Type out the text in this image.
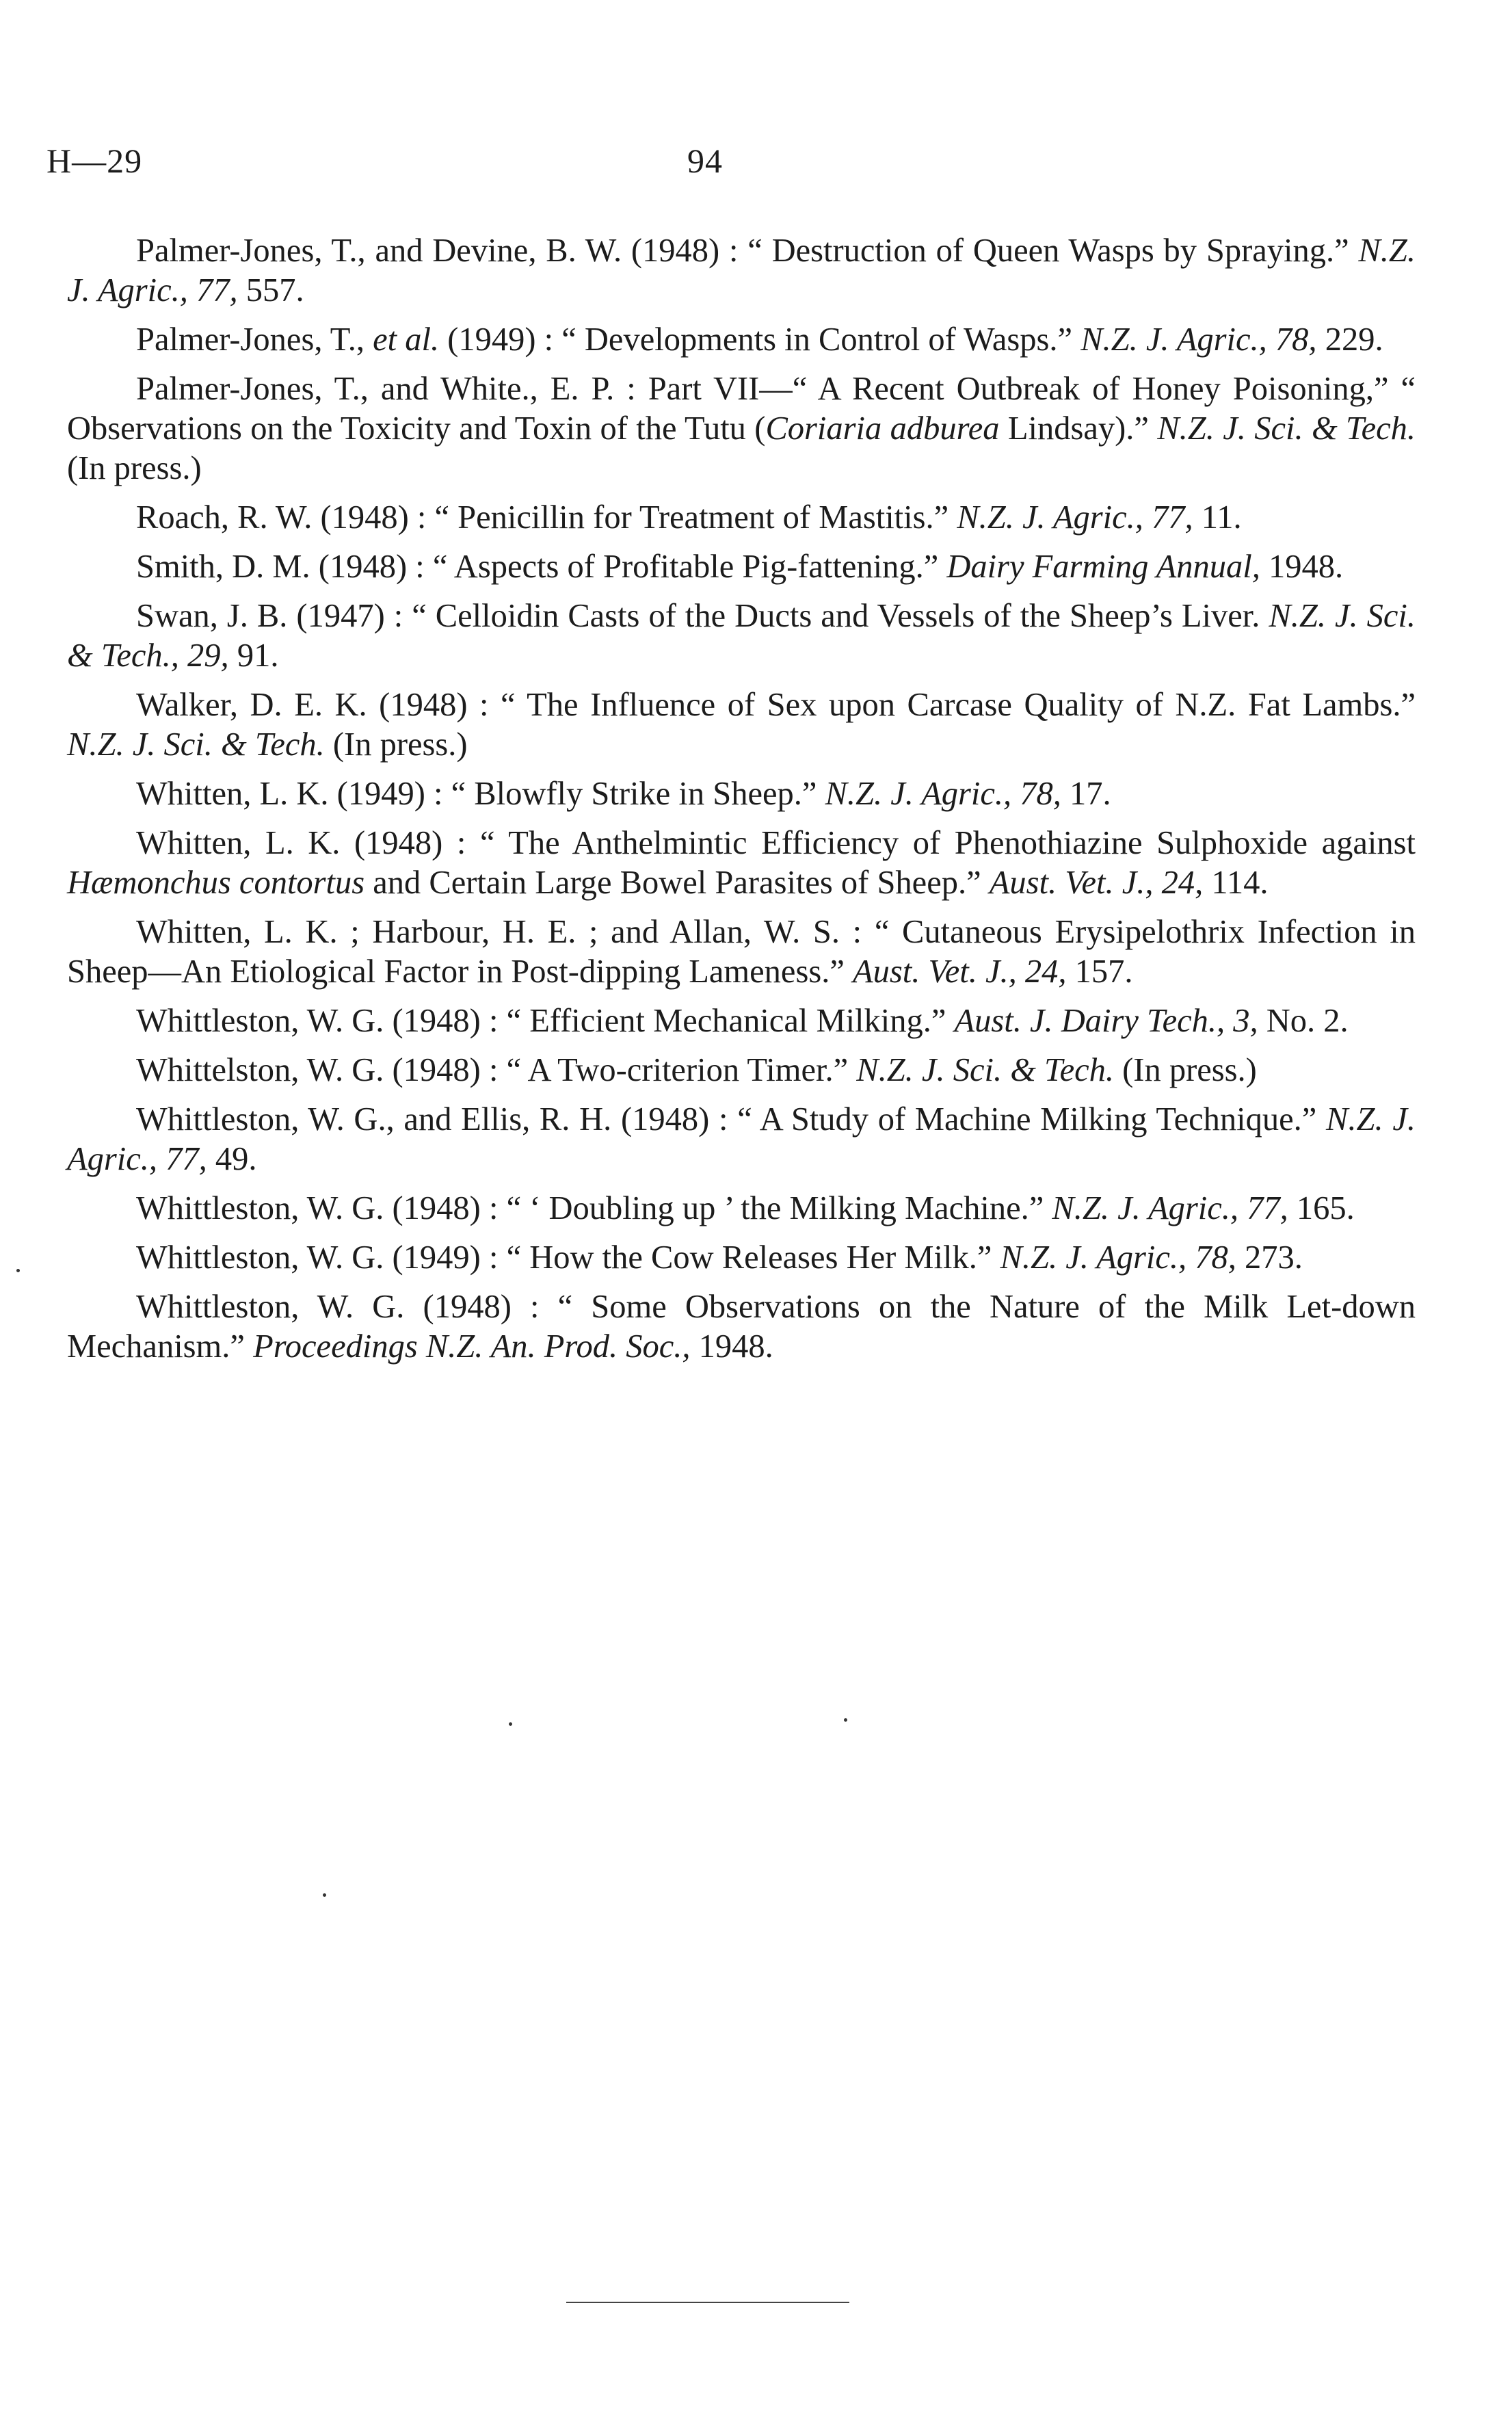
H—29	94

Palmer-Jones, T., and Devine, B. W. (1948) : “ Destruction of Queen Wasps by Spraying.” N.Z. J. Agric., 77, 557.

Palmer-Jones, T., et al. (1949) : “ Developments in Control of Wasps.” N.Z. J. Agric., 78, 229.

Palmer-Jones, T., and White., E. P. : Part VII—“ A Recent Outbreak of Honey Poisoning,” “ Observations on the Toxicity and Toxin of the Tutu (Coriaria adburea Lindsay).” N.Z. J. Sci. & Tech. (In press.)

Roach, R. W. (1948) : “ Penicillin for Treatment of Mastitis.” N.Z. J. Agric., 77, 11.

Smith, D. M. (1948) : “ Aspects of Profitable Pig-fattening.” Dairy Farming Annual, 1948.

Swan, J. B. (1947) : “ Celloidin Casts of the Ducts and Vessels of the Sheep’s Liver. N.Z. J. Sci. & Tech., 29, 91.

Walker, D. E. K. (1948) : “ The Influence of Sex upon Carcase Quality of N.Z. Fat Lambs.” N.Z. J. Sci. & Tech. (In press.)

Whitten, L. K. (1949) : “ Blowfly Strike in Sheep.” N.Z. J. Agric., 78, 17.

Whitten, L. K. (1948) : “ The Anthelmintic Efficiency of Phenothiazine Sulphoxide against Hæmonchus contortus and Certain Large Bowel Parasites of Sheep.” Aust. Vet. J., 24, 114.

Whitten, L. K. ; Harbour, H. E. ; and Allan, W. S. : “ Cutaneous Erysipelothrix Infection in Sheep—An Etiological Factor in Post-dipping Lameness.” Aust. Vet. J., 24, 157.

Whittleston, W. G. (1948) : “ Efficient Mechanical Milking.” Aust. J. Dairy Tech., 3, No. 2.

Whittelston, W. G. (1948) : “ A Two-criterion Timer.” N.Z. J. Sci. & Tech. (In press.)

Whittleston, W. G., and Ellis, R. H. (1948) : “ A Study of Machine Milking Technique.” N.Z. J. Agric., 77, 49.

Whittleston, W. G. (1948) : “ ‘ Doubling up ’ the Milking Machine.” N.Z. J. Agric., 77, 165.

Whittleston, W. G. (1949) : “ How the Cow Releases Her Milk.” N.Z. J. Agric., 78, 273.

Whittleston, W. G. (1948) : “ Some Observations on the Nature of the Milk Let-down Mechanism.” Proceedings N.Z. An. Prod. Soc., 1948.
